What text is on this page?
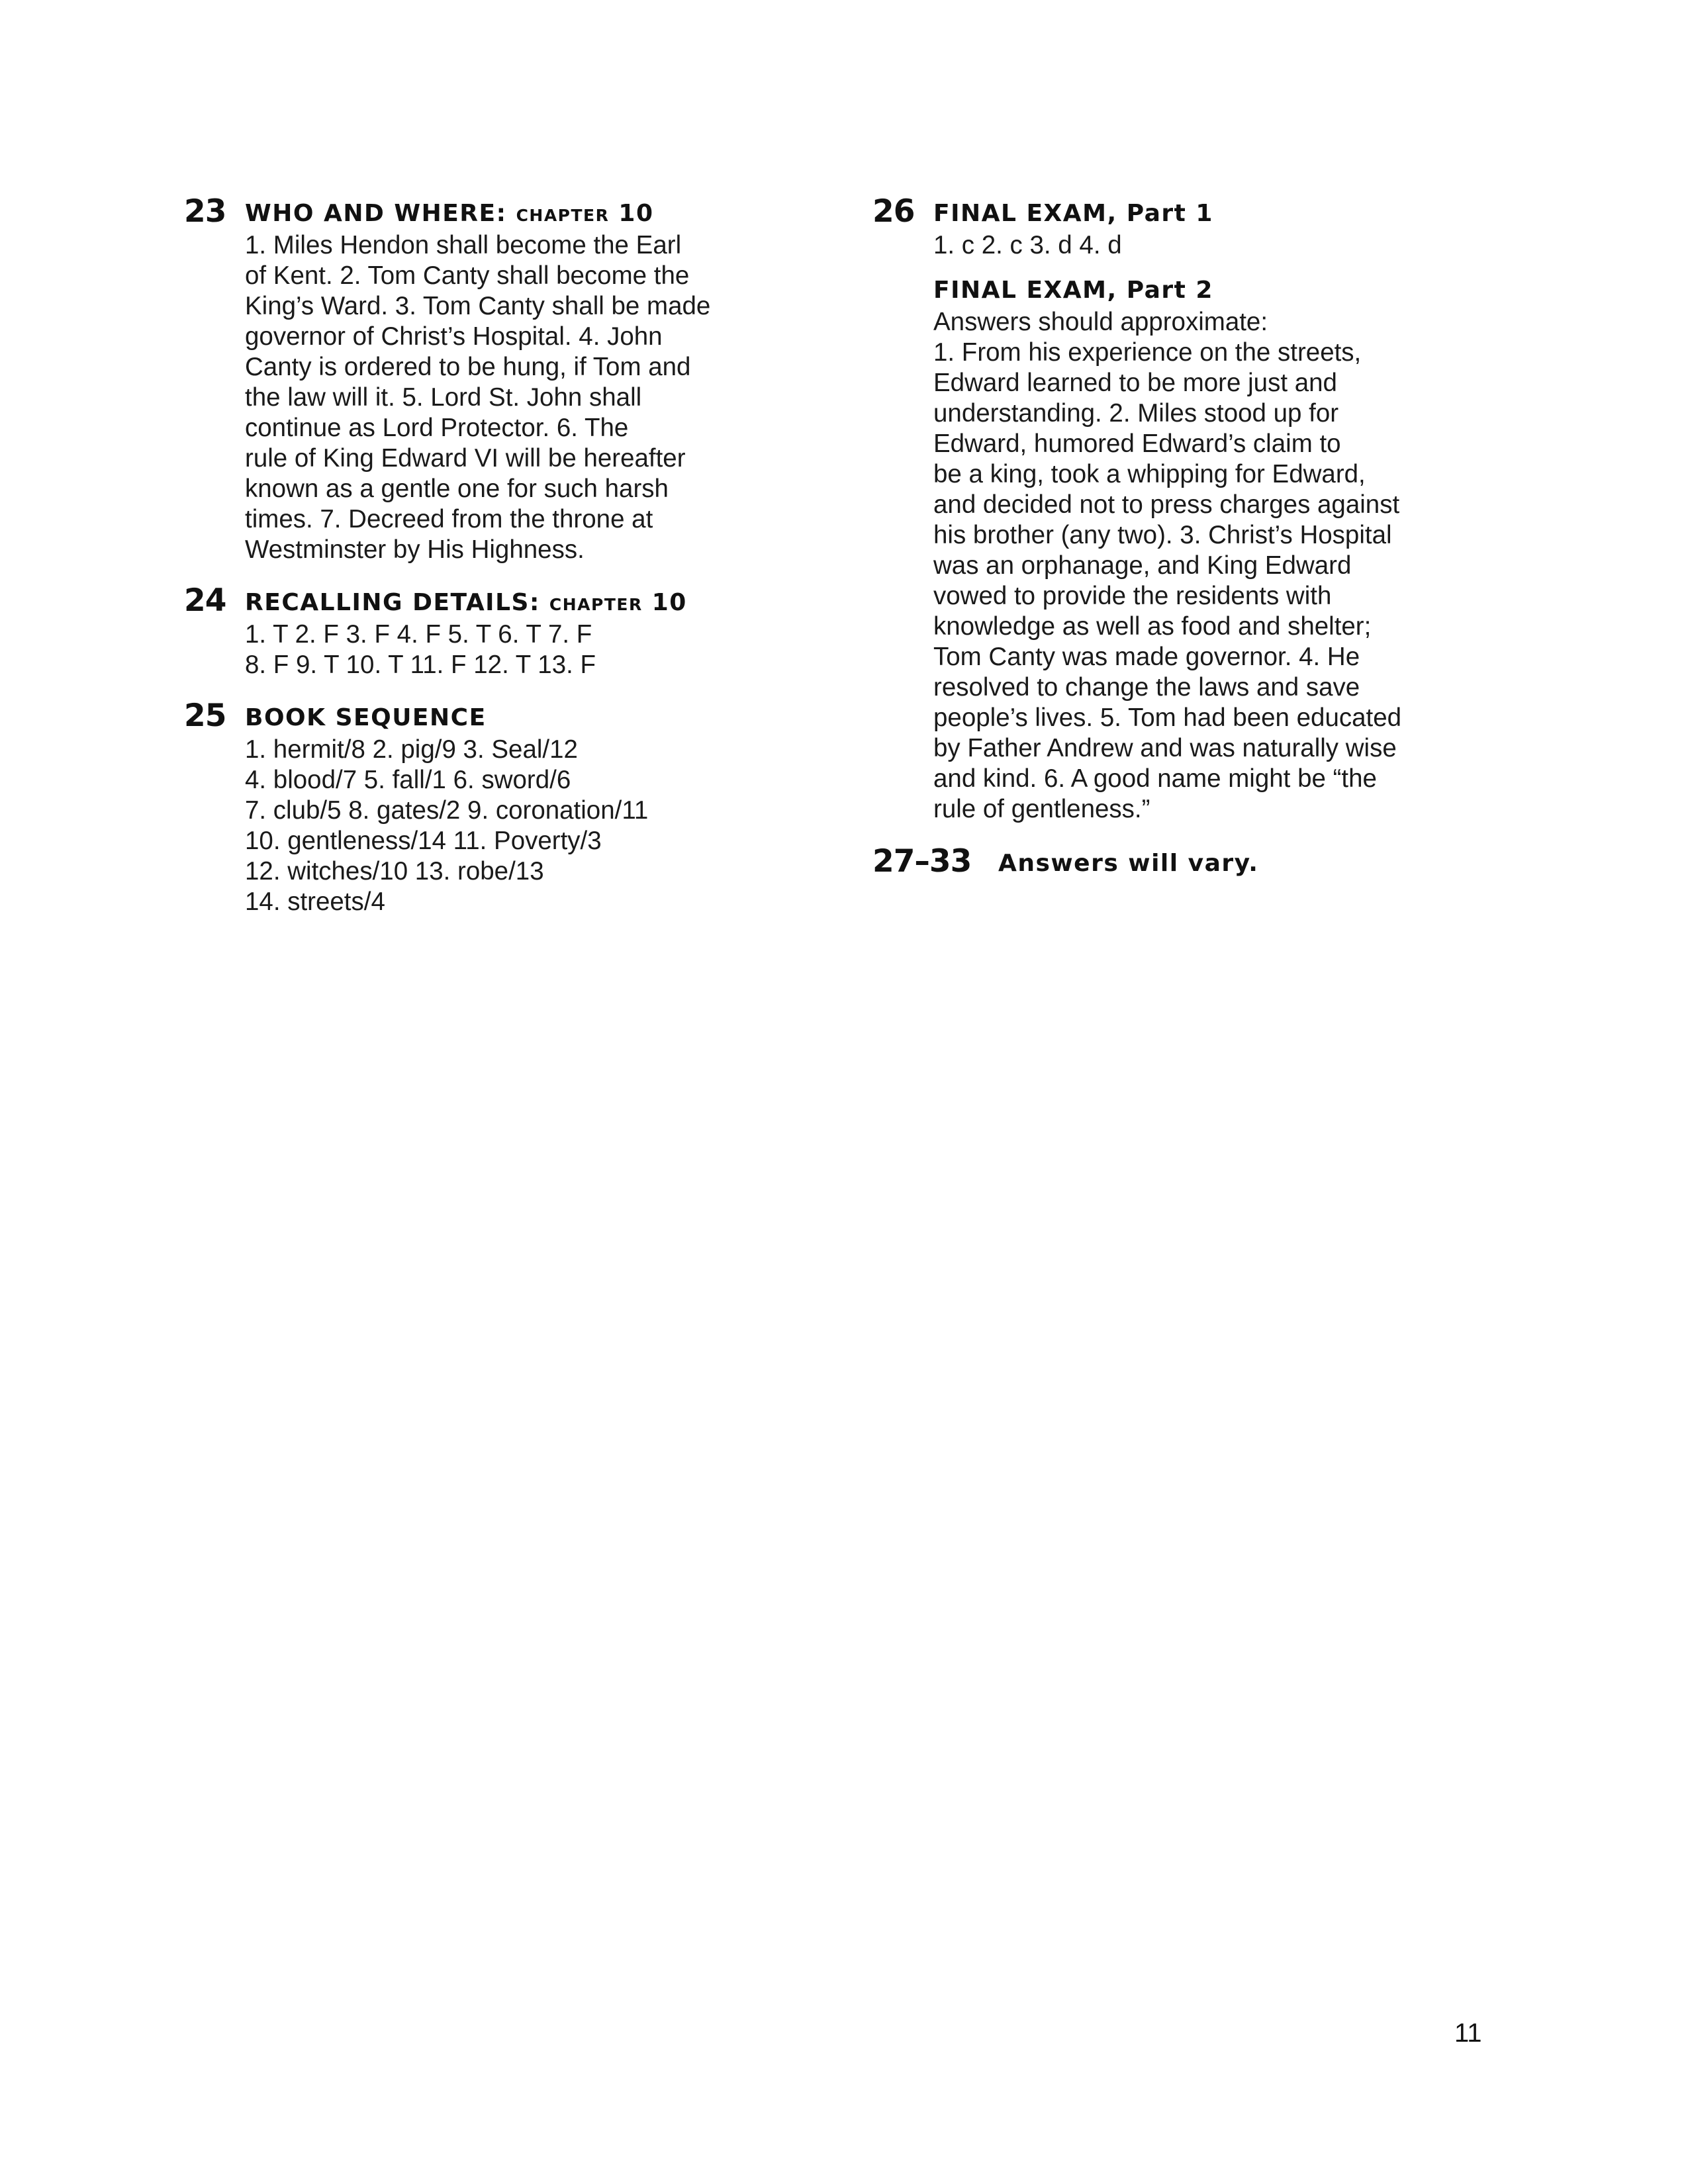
23 WHO AND WHERE: chapter 10
1. Miles Hendon shall become the Earl
of Kent. 2. Tom Canty shall become the
King’s Ward. 3. Tom Canty shall be made
governor of Christ’s Hospital. 4. John
Canty is ordered to be hung, if Tom and
the law will it. 5. Lord St. John shall
continue as Lord Protector. 6. The
rule of King Edward VI will be hereafter
known as a gentle one for such harsh
times. 7. Decreed from the throne at
Westminster by His Highness.
24 RECALLING DETAILS: chapter 10
1. T 2. F 3. F 4. F 5. T 6. T 7. F
8. F 9. T 10. T 11. F 12. T 13. F
25 BOOK SEQUENCE
1. hermit/8 2. pig/9 3. Seal/12
4. blood/7 5. fall/1 6. sword/6
7. club/5 8. gates/2 9. coronation/11
10. gentleness/14 11. Poverty/3
12. witches/10 13. robe/13
14. streets/4
26 FINAL EXAM, Part 1
1. c 2. c 3. d 4. d
FINAL EXAM, Part 2
Answers should approximate:
1. From his experience on the streets,
Edward learned to be more just and
understanding. 2. Miles stood up for
Edward, humored Edward’s claim to
be a king, took a whipping for Edward,
and decided not to press charges against
his brother (any two). 3. Christ’s Hospital
was an orphanage, and King Edward
vowed to provide the residents with
knowledge as well as food and shelter;
Tom Canty was made governor. 4. He
resolved to change the laws and save
people’s lives. 5. Tom had been educated
by Father Andrew and was naturally wise
and kind. 6. A good name might be “the
rule of gentleness.”
27–33 Answers will vary.
11
